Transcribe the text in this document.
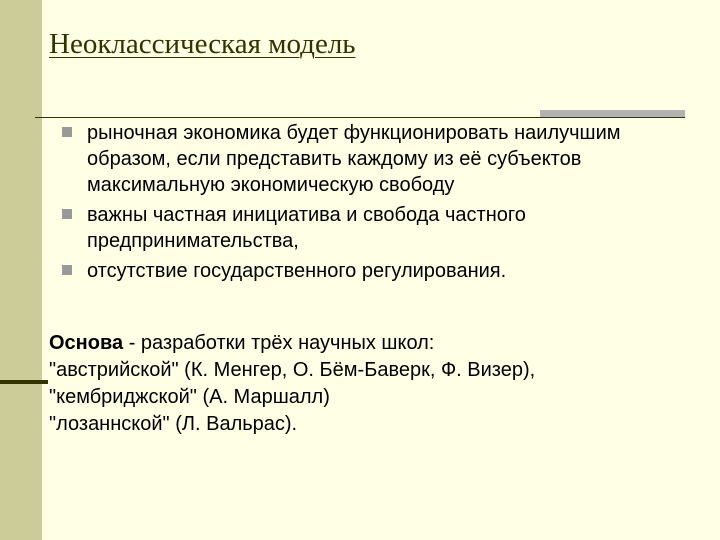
Неоклассическая модель
рыночная экономика будет функционировать наилучшим образом, если представить каждому из её субъектов максимальную экономическую свободу
важны частная инициатива и свобода частного предпринимательства,
отсутствие государственного регулирования.
Основа - разработки трёх научных школ:
"австрийской" (К. Менгер, О. Бём-Баверк, Ф. Визер),
"кембриджской" (А. Маршалл)
"лозаннской" (Л. Вальрас).
